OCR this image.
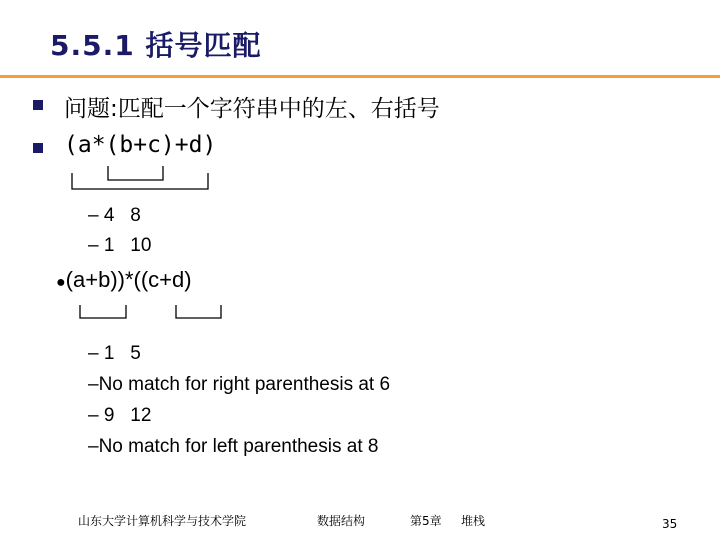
5.5.1 括号匹配
问题:匹配一个字符串中的左、右括号
(a*(b+c)+d)
– 4   8
– 1   10
●(a+b))*((c+d)
– 1   5
–No match for right parenthesis at 6
– 9   12
–No match for left parenthesis at 8
山东大学计算机科学与技术学院	数据结构	第5章 堆栈	35
